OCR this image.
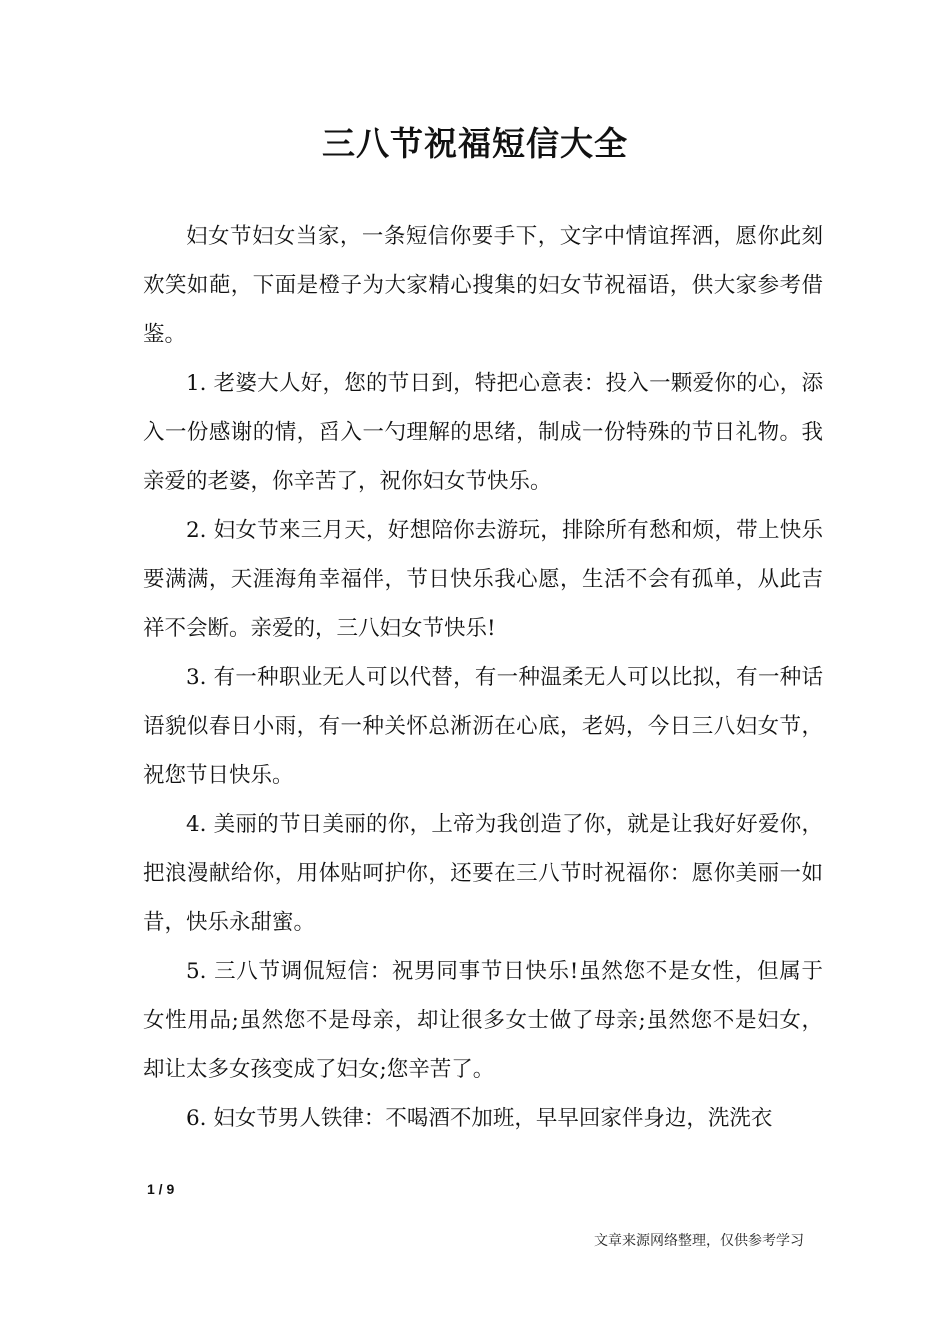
三八节祝福短信大全

妇女节妇女当家，一条短信你要手下，文字中情谊挥洒，愿你此刻欢笑如葩，下面是橙子为大家精心搜集的妇女节祝福语，供大家参考借鉴。

1. 老婆大人好，您的节日到，特把心意表：投入一颗爱你的心，添入一份感谢的情，舀入一勺理解的思绪，制成一份特殊的节日礼物。我亲爱的老婆，你辛苦了，祝你妇女节快乐。

2. 妇女节来三月天，好想陪你去游玩，排除所有愁和烦，带上快乐要满满，天涯海角幸福伴，节日快乐我心愿，生活不会有孤单，从此吉祥不会断。亲爱的，三八妇女节快乐!

3. 有一种职业无人可以代替，有一种温柔无人可以比拟，有一种话语貌似春日小雨，有一种关怀总淅沥在心底，老妈，今日三八妇女节，祝您节日快乐。

4. 美丽的节日美丽的你，上帝为我创造了你，就是让我好好爱你，把浪漫献给你，用体贴呵护你，还要在三八节时祝福你：愿你美丽一如昔，快乐永甜蜜。

5. 三八节调侃短信：祝男同事节日快乐!虽然您不是女性，但属于女性用品;虽然您不是母亲，却让很多女士做了母亲;虽然您不是妇女，却让太多女孩变成了妇女;您辛苦了。

6. 妇女节男人铁律：不喝酒不加班，早早回家伴身边，洗洗衣

1 / 9
文章来源网络整理，仅供参考学习
